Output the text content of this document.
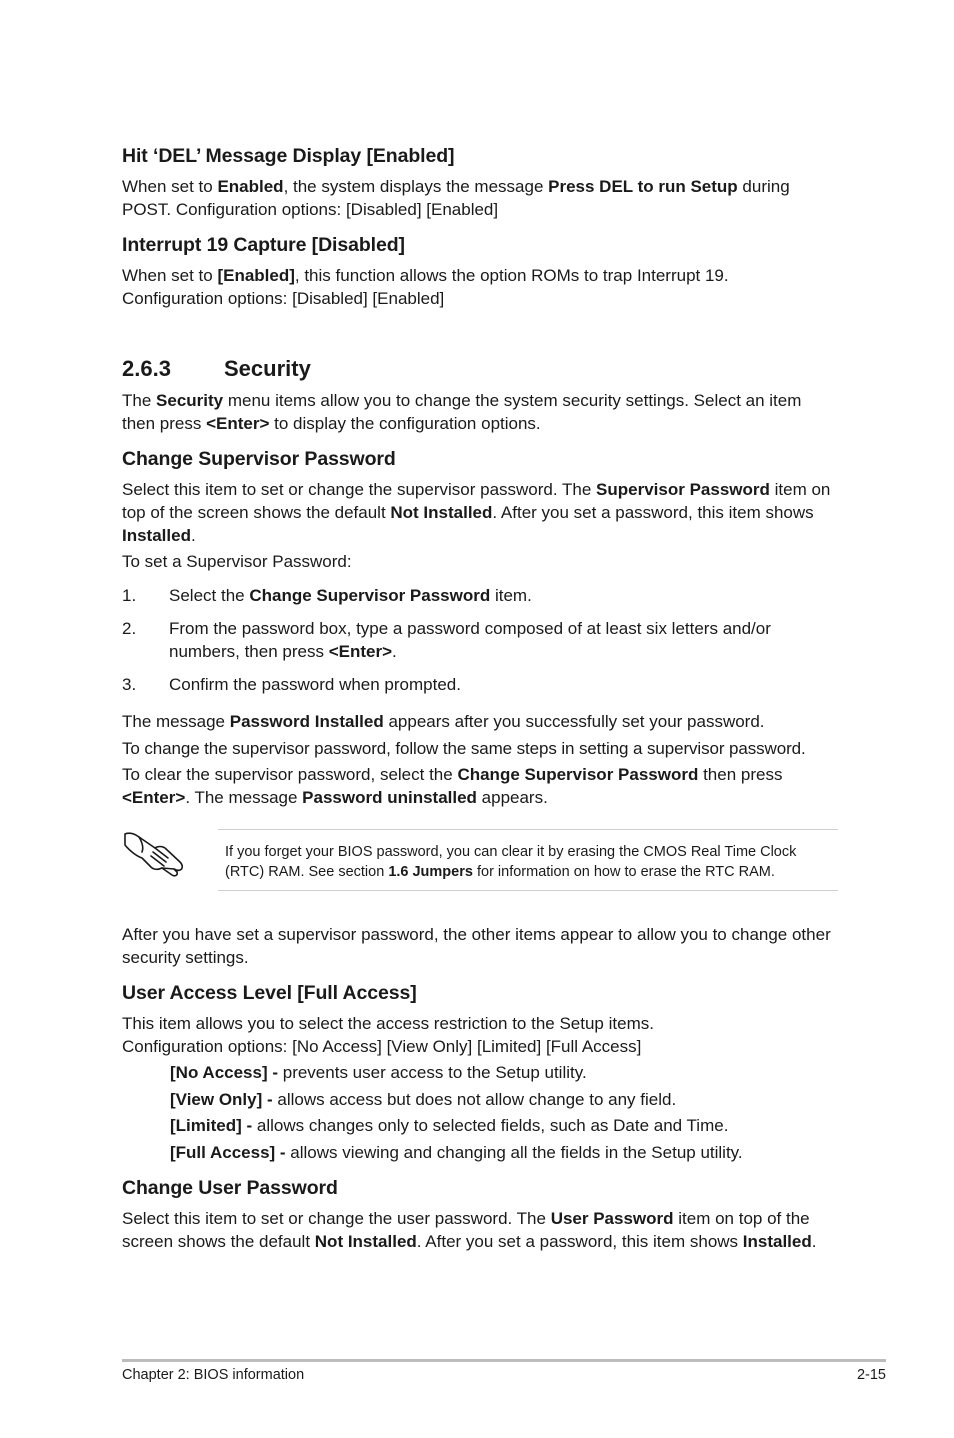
Hit ‘DEL’ Message Display [Enabled]

When set to Enabled, the system displays the message Press DEL to run Setup during POST. Configuration options: [Disabled] [Enabled]

Interrupt 19 Capture [Disabled]

When set to [Enabled], this function allows the option ROMs to trap Interrupt 19.
Configuration options: [Disabled] [Enabled]

2.6.3 Security

The Security menu items allow you to change the system security settings. Select an item then press <Enter> to display the configuration options.

Change Supervisor Password

Select this item to set or change the supervisor password. The Supervisor Password item on top of the screen shows the default Not Installed. After you set a password, this item shows Installed.

To set a Supervisor Password:

1. Select the Change Supervisor Password item.
2. From the password box, type a password composed of at least six letters and/or numbers, then press <Enter>.
3. Confirm the password when prompted.

The message Password Installed appears after you successfully set your password.

To change the supervisor password, follow the same steps in setting a supervisor password.

To clear the supervisor password, select the Change Supervisor Password then press <Enter>. The message Password uninstalled appears.

If you forget your BIOS password, you can clear it by erasing the CMOS Real Time Clock (RTC) RAM. See section 1.6 Jumpers for information on how to erase the RTC RAM.

After you have set a supervisor password, the other items appear to allow you to change other security settings.

User Access Level [Full Access]

This item allows you to select the access restriction to the Setup items.
Configuration options: [No Access] [View Only] [Limited] [Full Access]

[No Access] - prevents user access to the Setup utility.
[View Only] - allows access but does not allow change to any field.
[Limited] - allows changes only to selected fields, such as Date and Time.
[Full Access] - allows viewing and changing all the fields in the Setup utility.
Change User Password

Select this item to set or change the user password. The User Password item on top of the screen shows the default Not Installed. After you set a password, this item shows Installed.

Chapter 2: BIOS information	2-15
